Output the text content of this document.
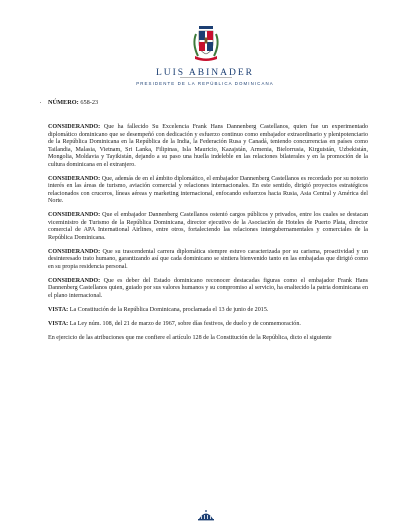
LUIS ABINADER
PRESIDENTE DE LA REPÚBLICA DOMINICANA
NÚMERO: 658-23

CONSIDERANDO: Que ha fallecido Su Excelencia Frank Hans Dannenberg Castellanos, quien fue un experimentado diplomático dominicano que se desempeñó con dedicación y esfuerzo continuo como embajador extraordinario y plenipotenciario de la República Dominicana en la República de la India, la Federación Rusa y Canadá, teniendo concurrencias en países como Tailandia, Malasia, Vietnam, Sri Lanka, Filipinas, Isla Mauricio, Kazajstán, Armenia, Bielorrusia, Kirguistán, Uzbekistán, Mongolia, Moldavia y Tayikistán, dejando a su paso una huella indeleble en las relaciones bilaterales y en la promoción de la cultura dominicana en el extranjero.

CONSIDERANDO: Que, además de en el ámbito diplomático, el embajador Dannenberg Castellanos es recordado por su notorio interés en las áreas de turismo, aviación comercial y relaciones internacionales. En este sentido, dirigió proyectos estratégicos relacionados con cruceros, líneas aéreas y marketing internacional, enfocando esfuerzos hacia Rusia, Asia Central y América del Norte.

CONSIDERANDO: Que el embajador Dannenberg Castellanos ostentó cargos públicos y privados, entre los cuales se destacan viceministro de Turismo de la República Dominicana, director ejecutivo de la Asociación de Hoteles de Puerto Plata, director comercial de APA International Airlines, entre otros, fortaleciendo las relaciones intergubernamentales y comerciales de la República Dominicana.

CONSIDERANDO: Que su trascendental carrera diplomática siempre estuvo caracterizada por su carisma, proactividad y un desinteresado trato humano, garantizando así que cada dominicano se sintiera bienvenido tanto en las embajadas que dirigió como en su propia residencia personal.

CONSIDERANDO: Que es deber del Estado dominicano reconocer destacadas figuras como el embajador Frank Hans Dannenberg Castellanos quien, guiado por sus valores humanos y su compromiso al servicio, ha enaltecido la patria dominicana en el plano internacional.

VISTA: La Constitución de la República Dominicana, proclamada el 13 de junio de 2015.

VISTA: La Ley núm. 108, del 21 de marzo de 1967, sobre días festivos, de duelo y de conmemoración.

En ejercicio de las atribuciones que me confiere el artículo 128 de la Constitución de la República, dicto el siguiente
